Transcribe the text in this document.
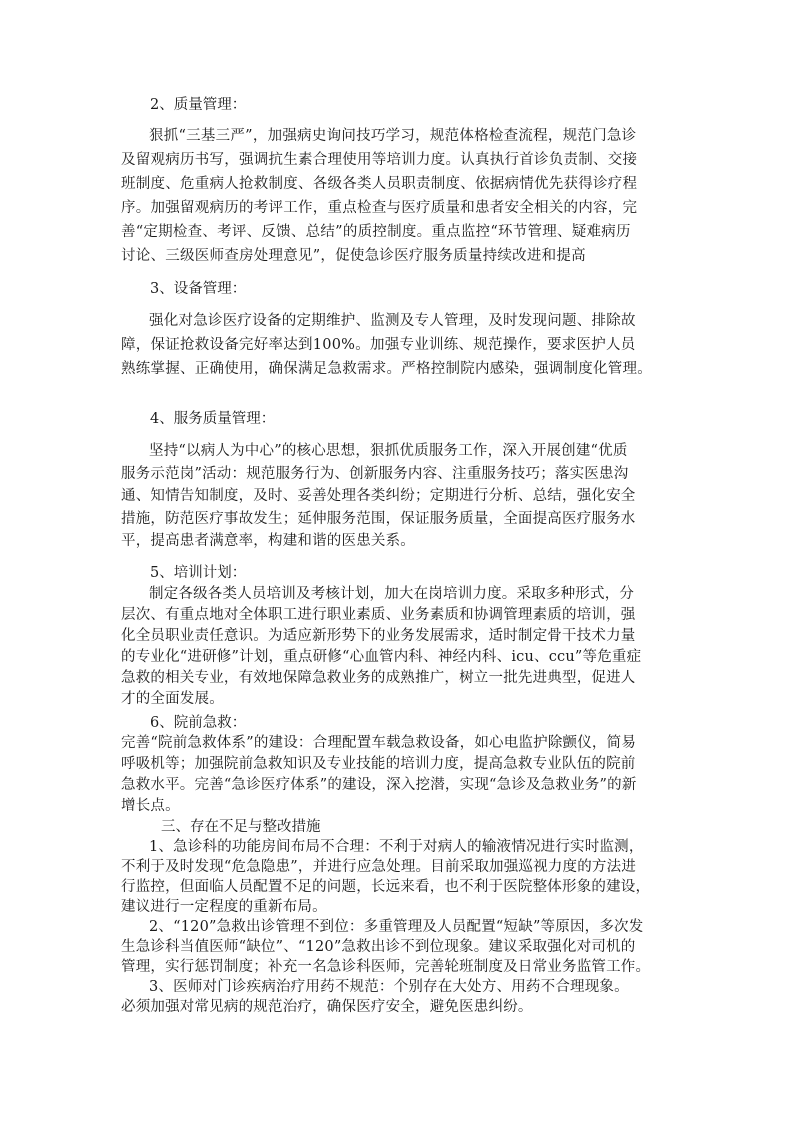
2、质量管理：
狠抓“三基三严”，加强病史询问技巧学习，规范体格检查流程，规范门急诊
及留观病历书写，强调抗生素合理使用等培训力度。认真执行首诊负责制、交接
班制度、危重病人抢救制度、各级各类人员职责制度、依据病情优先获得诊疗程
序。加强留观病历的考评工作，重点检查与医疗质量和患者安全相关的内容，完
善“定期检查、考评、反馈、总结”的质控制度。重点监控“环节管理、疑难病历
讨论、三级医师查房处理意见”，促使急诊医疗服务质量持续改进和提高
3、设备管理：
强化对急诊医疗设备的定期维护、监测及专人管理，及时发现问题、排除故
障，保证抢救设备完好率达到100%。加强专业训练、规范操作，要求医护人员
熟练掌握、正确使用，确保满足急救需求。严格控制院内感染，强调制度化管理。
4、服务质量管理：
坚持“以病人为中心”的核心思想，狠抓优质服务工作，深入开展创建“优质
服务示范岗”活动：规范服务行为、创新服务内容、注重服务技巧；落实医患沟
通、知情告知制度，及时、妥善处理各类纠纷；定期进行分析、总结，强化安全
措施，防范医疗事故发生；延伸服务范围，保证服务质量，全面提高医疗服务水
平，提高患者满意率，构建和谐的医患关系。
5、培训计划：
制定各级各类人员培训及考核计划，加大在岗培训力度。采取多种形式，分
层次、有重点地对全体职工进行职业素质、业务素质和协调管理素质的培训，强
化全员职业责任意识。为适应新形势下的业务发展需求，适时制定骨干技术力量
的专业化“进研修”计划，重点研修“心血管内科、神经内科、icu、ccu”等危重症
急救的相关专业，有效地保障急救业务的成熟推广，树立一批先进典型，促进人
才的全面发展。
6、院前急救：
完善“院前急救体系”的建设：合理配置车载急救设备，如心电监护除颤仪，简易
呼吸机等；加强院前急救知识及专业技能的培训力度，提高急救专业队伍的院前
急救水平。完善“急诊医疗体系”的建设，深入挖潜，实现“急诊及急救业务”的新
增长点。
三、存在不足与整改措施
1、急诊科的功能房间布局不合理：不利于对病人的输液情况进行实时监测，
不利于及时发现“危急隐患”，并进行应急处理。目前采取加强巡视力度的方法进
行监控，但面临人员配置不足的问题，长远来看，也不利于医院整体形象的建设，
建议进行一定程度的重新布局。
2、“120”急救出诊管理不到位：多重管理及人员配置“短缺”等原因，多次发
生急诊科当值医师“缺位”、“120”急救出诊不到位现象。建议采取强化对司机的
管理，实行惩罚制度；补充一名急诊科医师，完善轮班制度及日常业务监管工作。
3、医师对门诊疾病治疗用药不规范：个别存在大处方、用药不合理现象。
必须加强对常见病的规范治疗，确保医疗安全，避免医患纠纷。
